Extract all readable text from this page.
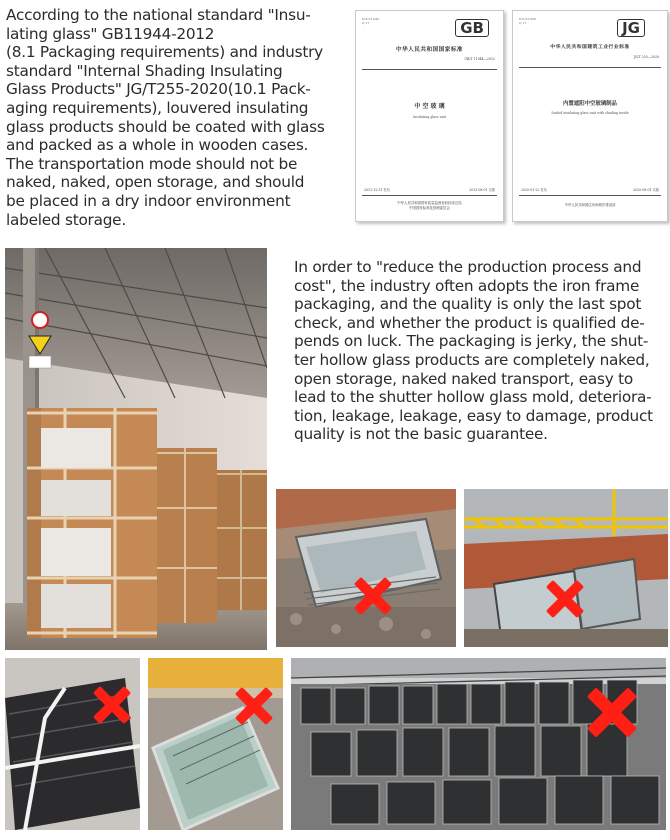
According to the national standard "Insu-
lating glass" GB11944-2012
(8.1 Packaging requirements) and industry
standard "Internal Shading Insulating
Glass Products" JG/T255-2020(10.1 Pack-
aging requirements), louvered insulating
glass products should be coated with glass
and packed as a whole in wooden cases.
The transportation mode should not be
naked, naked, open storage, and should
be placed in a dry indoor environment
labeled storage.

ICS 81.040
Q 17	GB
中华人民共和国国家标准
GB/T 11944—2012
中 空 玻 璃
Insulating glass unit
2012-12-31 发布	2013-08-01 实施
中华人民共和国国家质量监督检验检疫总局
中国国家标准化管理委员会
ICS 91.060
Q 17	JG
中华人民共和国建筑工业行业标准
JG/T 255—2020
内置遮阳中空玻璃制品
Sealed insulating glass unit with shading inside
2020-01-22 发布	2020-08-01 实施
中华人民共和国住房和城乡建设部

In order to "reduce the production process and
cost", the industry often adopts the iron frame
packaging, and the quality is only the last spot
check, and whether the product is qualified de-
pends on luck. The packaging is jerky, the shut-
ter hollow glass products are completely naked,
open storage, naked naked transport, easy to
lead to the shutter hollow glass mold, deteriora-
tion, leakage, leakage, easy to damage, product
quality is not the basic guarantee.
